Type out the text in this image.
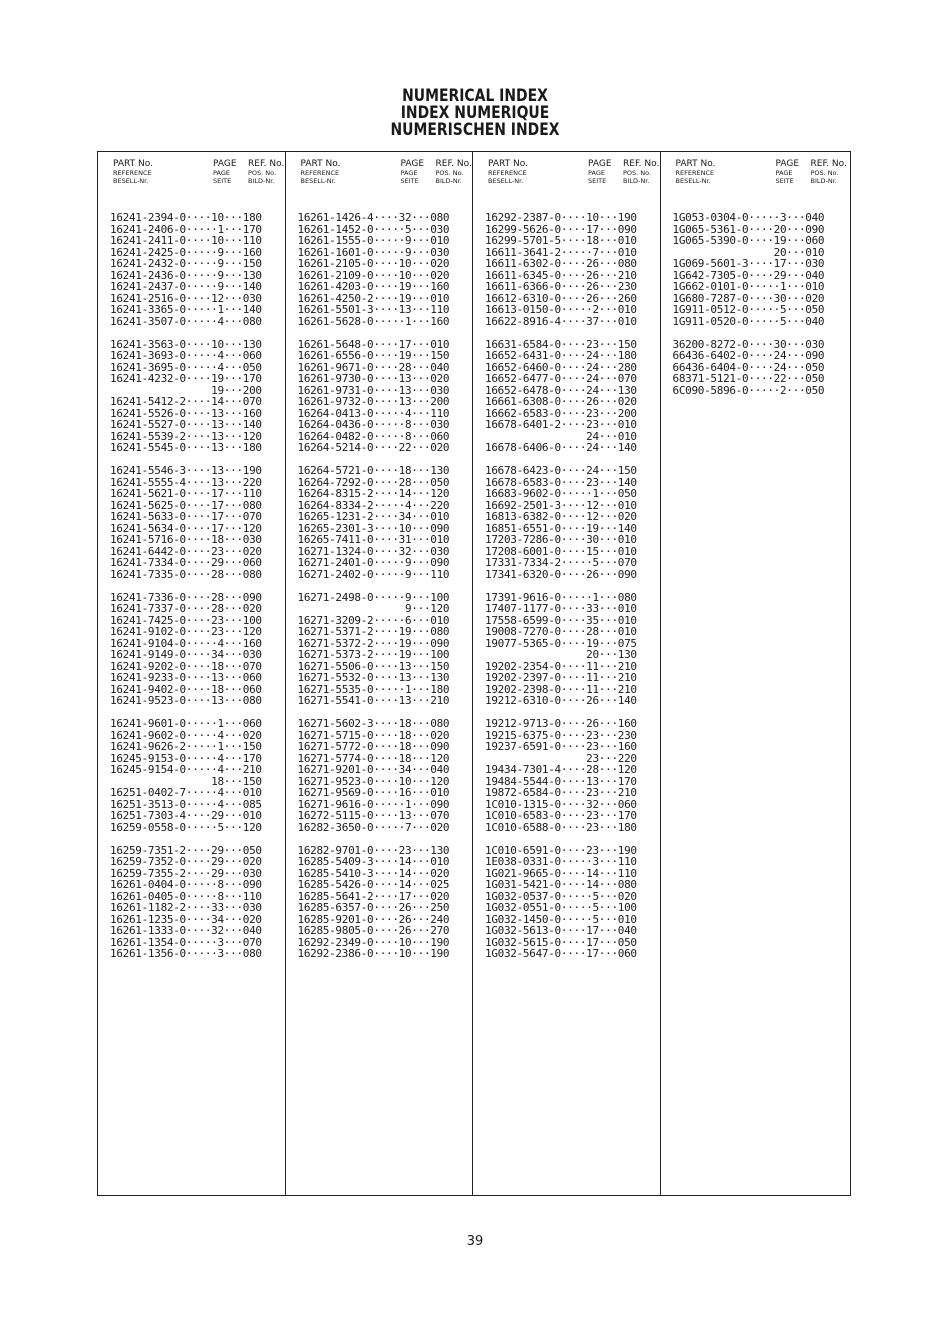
NUMERICAL INDEX
INDEX NUMERIQUE
NUMERISCHEN INDEX
PART No.
REFERENCE
BESELL-Nr.
PAGE
PAGE
SEITE
REF. No.
POS. No.
BILD-Nr.
16241-2394-0····10···180
16241-2406-0·····1···170
16241-2411-0····10···110
16241-2425-0·····9···160
16241-2432-0·····9···150
16241-2436-0·····9···130
16241-2437-0·····9···140
16241-2516-0····12···030
16241-3365-0·····1···140
16241-3507-0·····4···080
16241-3563-0····10···130
16241-3693-0·····4···060
16241-3695-0·····4···050
16241-4232-0····19···170
19···200
16241-5412-2····14···070
16241-5526-0····13···160
16241-5527-0····13···140
16241-5539-2····13···120
16241-5545-0····13···180
16241-5546-3····13···190
16241-5555-4····13···220
16241-5621-0····17···110
16241-5625-0····17···080
16241-5633-0····17···070
16241-5634-0····17···120
16241-5716-0····18···030
16241-6442-0····23···020
16241-7334-0····29···060
16241-7335-0····28···080
16241-7336-0····28···090
16241-7337-0····28···020
16241-7425-0····23···100
16241-9102-0····23···120
16241-9104-0·····4···160
16241-9149-0····34···030
16241-9202-0····18···070
16241-9233-0····13···060
16241-9402-0····18···060
16241-9523-0····13···080
16241-9601-0·····1···060
16241-9602-0·····4···020
16241-9626-2·····1···150
16245-9153-0·····4···170
16245-9154-0·····4···210
18···150
16251-0402-7·····4···010
16251-3513-0·····4···085
16251-7303-4····29···010
16259-0558-0·····5···120
16259-7351-2····29···050
16259-7352-0····29···020
16259-7355-2····29···030
16261-0404-0·····8···090
16261-0405-0·····8···110
16261-1182-2····33···030
16261-1235-0····34···020
16261-1333-0····32···040
16261-1354-0·····3···070
16261-1356-0·····3···080
PART No.
REFERENCE
BESELL-Nr.
PAGE
PAGE
SEITE
REF. No.
POS. No.
BILD-Nr.
16261-1426-4····32···080
16261-1452-0·····5···030
16261-1555-0·····9···010
16261-1601-0·····9···030
16261-2105-0····10···020
16261-2109-0····10···020
16261-4203-0····19···160
16261-4250-2····19···010
16261-5501-3····13···110
16261-5628-0·····1···160
16261-5648-0····17···010
16261-6556-0····19···150
16261-9671-0····28···040
16261-9730-0····13···020
16261-9731-0····13···030
16261-9732-0····13···200
16264-0413-0·····4···110
16264-0436-0·····8···030
16264-0482-0·····8···060
16264-5214-0····22···020
16264-5721-0····18···130
16264-7292-0····28···050
16264-8315-2····14···120
16264-8334-2·····4···220
16265-1231-2····34···010
16265-2301-3····10···090
16265-7411-0····31···010
16271-1324-0····32···030
16271-2401-0·····9···090
16271-2402-0·····9···110
16271-2498-0·····9···100
9···120
16271-3209-2·····6···010
16271-5371-2····19···080
16271-5372-2····19···090
16271-5373-2····19···100
16271-5506-0····13···150
16271-5532-0····13···130
16271-5535-0·····1···180
16271-5541-0····13···210
16271-5602-3····18···080
16271-5715-0····18···020
16271-5772-0····18···090
16271-5774-0····18···120
16271-9201-0····34···040
16271-9523-0····10···120
16271-9569-0····16···010
16271-9616-0·····1···090
16272-5115-0····13···070
16282-3650-0·····7···020
16282-9701-0····23···130
16285-5409-3····14···010
16285-5410-3····14···020
16285-5426-0····14···025
16285-5641-2····17···020
16285-6357-0····26···250
16285-9201-0····26···240
16285-9805-0····26···270
16292-2349-0····10···190
16292-2386-0····10···190
PART No.
REFERENCE
BESELL-Nr.
PAGE
PAGE
SEITE
REF. No.
POS. No.
BILD-Nr.
16292-2387-0····10···190
16299-5626-0····17···090
16299-5701-5····18···010
16611-3641-2·····7···010
16611-6302-0····26···080
16611-6345-0····26···210
16611-6366-0····26···230
16612-6310-0····26···260
16613-0150-0·····2···010
16622-8916-4····37···010
16631-6584-0····23···150
16652-6431-0····24···180
16652-6460-0····24···280
16652-6477-0····24···070
16652-6478-0····24···130
16661-6308-0····26···020
16662-6583-0····23···200
16678-6401-2····23···010
24···010
16678-6406-0····24···140
16678-6423-0····24···150
16678-6583-0····23···140
16683-9602-0·····1···050
16692-2501-3····12···010
16813-6382-0····12···020
16851-6551-0····19···140
17203-7286-0····30···010
17208-6001-0····15···010
17331-7334-2·····5···070
17341-6320-0····26···090
17391-9616-0·····1···080
17407-1177-0····33···010
17558-6599-0····35···010
19008-7270-0····28···010
19077-5365-0····19···075
20···130
19202-2354-0····11···210
19202-2397-0····11···210
19202-2398-0····11···210
19212-6310-0····26···140
19212-9713-0····26···160
19215-6375-0····23···230
19237-6591-0····23···160
23···220
19434-7301-4····28···120
19484-5544-0····13···170
19872-6584-0····23···210
1C010-1315-0····32···060
1C010-6583-0····23···170
1C010-6588-0····23···180
1C010-6591-0····23···190
1E038-0331-0·····3···110
1G021-9665-0····14···110
1G031-5421-0····14···080
1G032-0537-0·····5···020
1G032-0551-0·····5···100
1G032-1450-0·····5···010
1G032-5613-0····17···040
1G032-5615-0····17···050
1G032-5647-0····17···060
PART No.
REFERENCE
BESELL-Nr.
PAGE
PAGE
SEITE
REF. No.
POS. No.
BILD-Nr.
1G053-0304-0·····3···040
1G065-5361-0····20···090
1G065-5390-0····19···060
20···010
1G069-5601-3····17···030
1G642-7305-0····29···040
1G662-0101-0·····1···010
1G680-7287-0····30···020
1G911-0512-0·····5···050
1G911-0520-0·····5···040
36200-8272-0····30···030
66436-6402-0····24···090
66436-6404-0····24···050
68371-5121-0····22···050
6C090-5896-0·····2···050
39
